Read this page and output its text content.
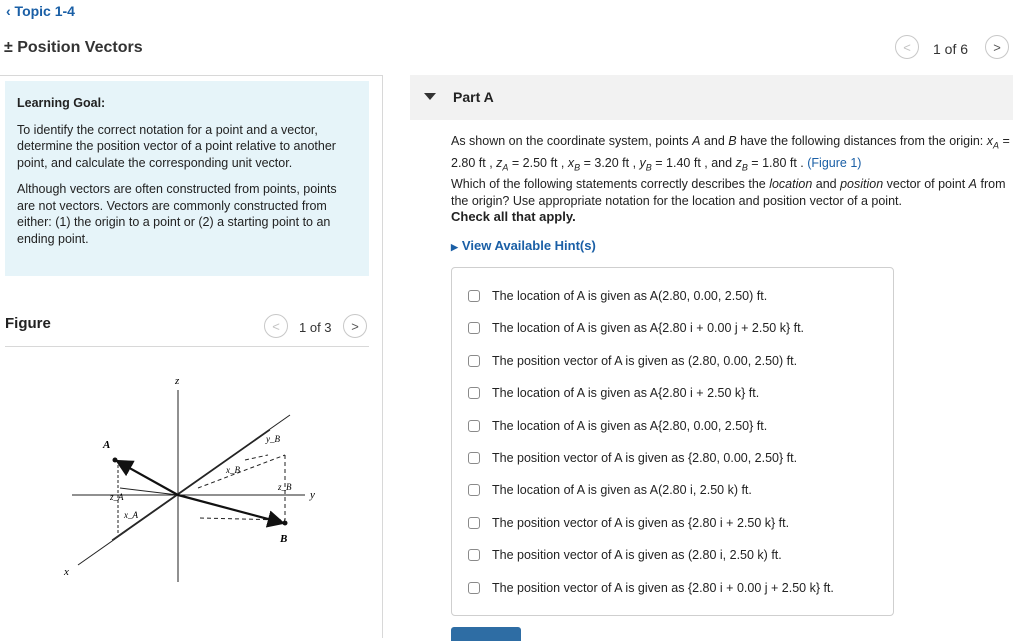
‹ Topic 1-4
± Position Vectors	< 1 of 6 >
Learning Goal:

To identify the correct notation for a point and a vector, determine the position vector of a point relative to another point, and calculate the corresponding unit vector.

Although vectors are often constructed from points, points are not vectors. Vectors are commonly constructed from either: (1) the origin to a point or (2) a starting point to an ending point.

Figure	< 1 of 3 >
z
y
x
A
B
y_B
x_B
z_B
z_A
x_A
Part A
As shown on the coordinate system, points A and B have the following distances from the origin: $x_A = 2.80$ ft , $z_A = 2.50$ ft , $x_B = 3.20$ ft , $y_B = 1.40$ ft , and $z_B = 1.80$ ft . (Figure 1)
Which of the following statements correctly describes the location and position vector of point A from the origin? Use appropriate notation for the location and position vector of a point.
Check all that apply.
▶ View Available Hint(s)
The location of A is given as A(2.80, 0.00, 2.50) ft.
The location of A is given as A{2.80 i + 0.00 j + 2.50 k} ft.
The position vector of A is given as (2.80, 0.00, 2.50) ft.
The location of A is given as A{2.80 i + 2.50 k} ft.
The location of A is given as A{2.80, 0.00, 2.50} ft.
The position vector of A is given as {2.80, 0.00, 2.50} ft.
The location of A is given as A(2.80 i, 2.50 k) ft.
The position vector of A is given as {2.80 i + 2.50 k} ft.
The position vector of A is given as (2.80 i, 2.50 k) ft.
The position vector of A is given as {2.80 i + 0.00 j + 2.50 k} ft.
